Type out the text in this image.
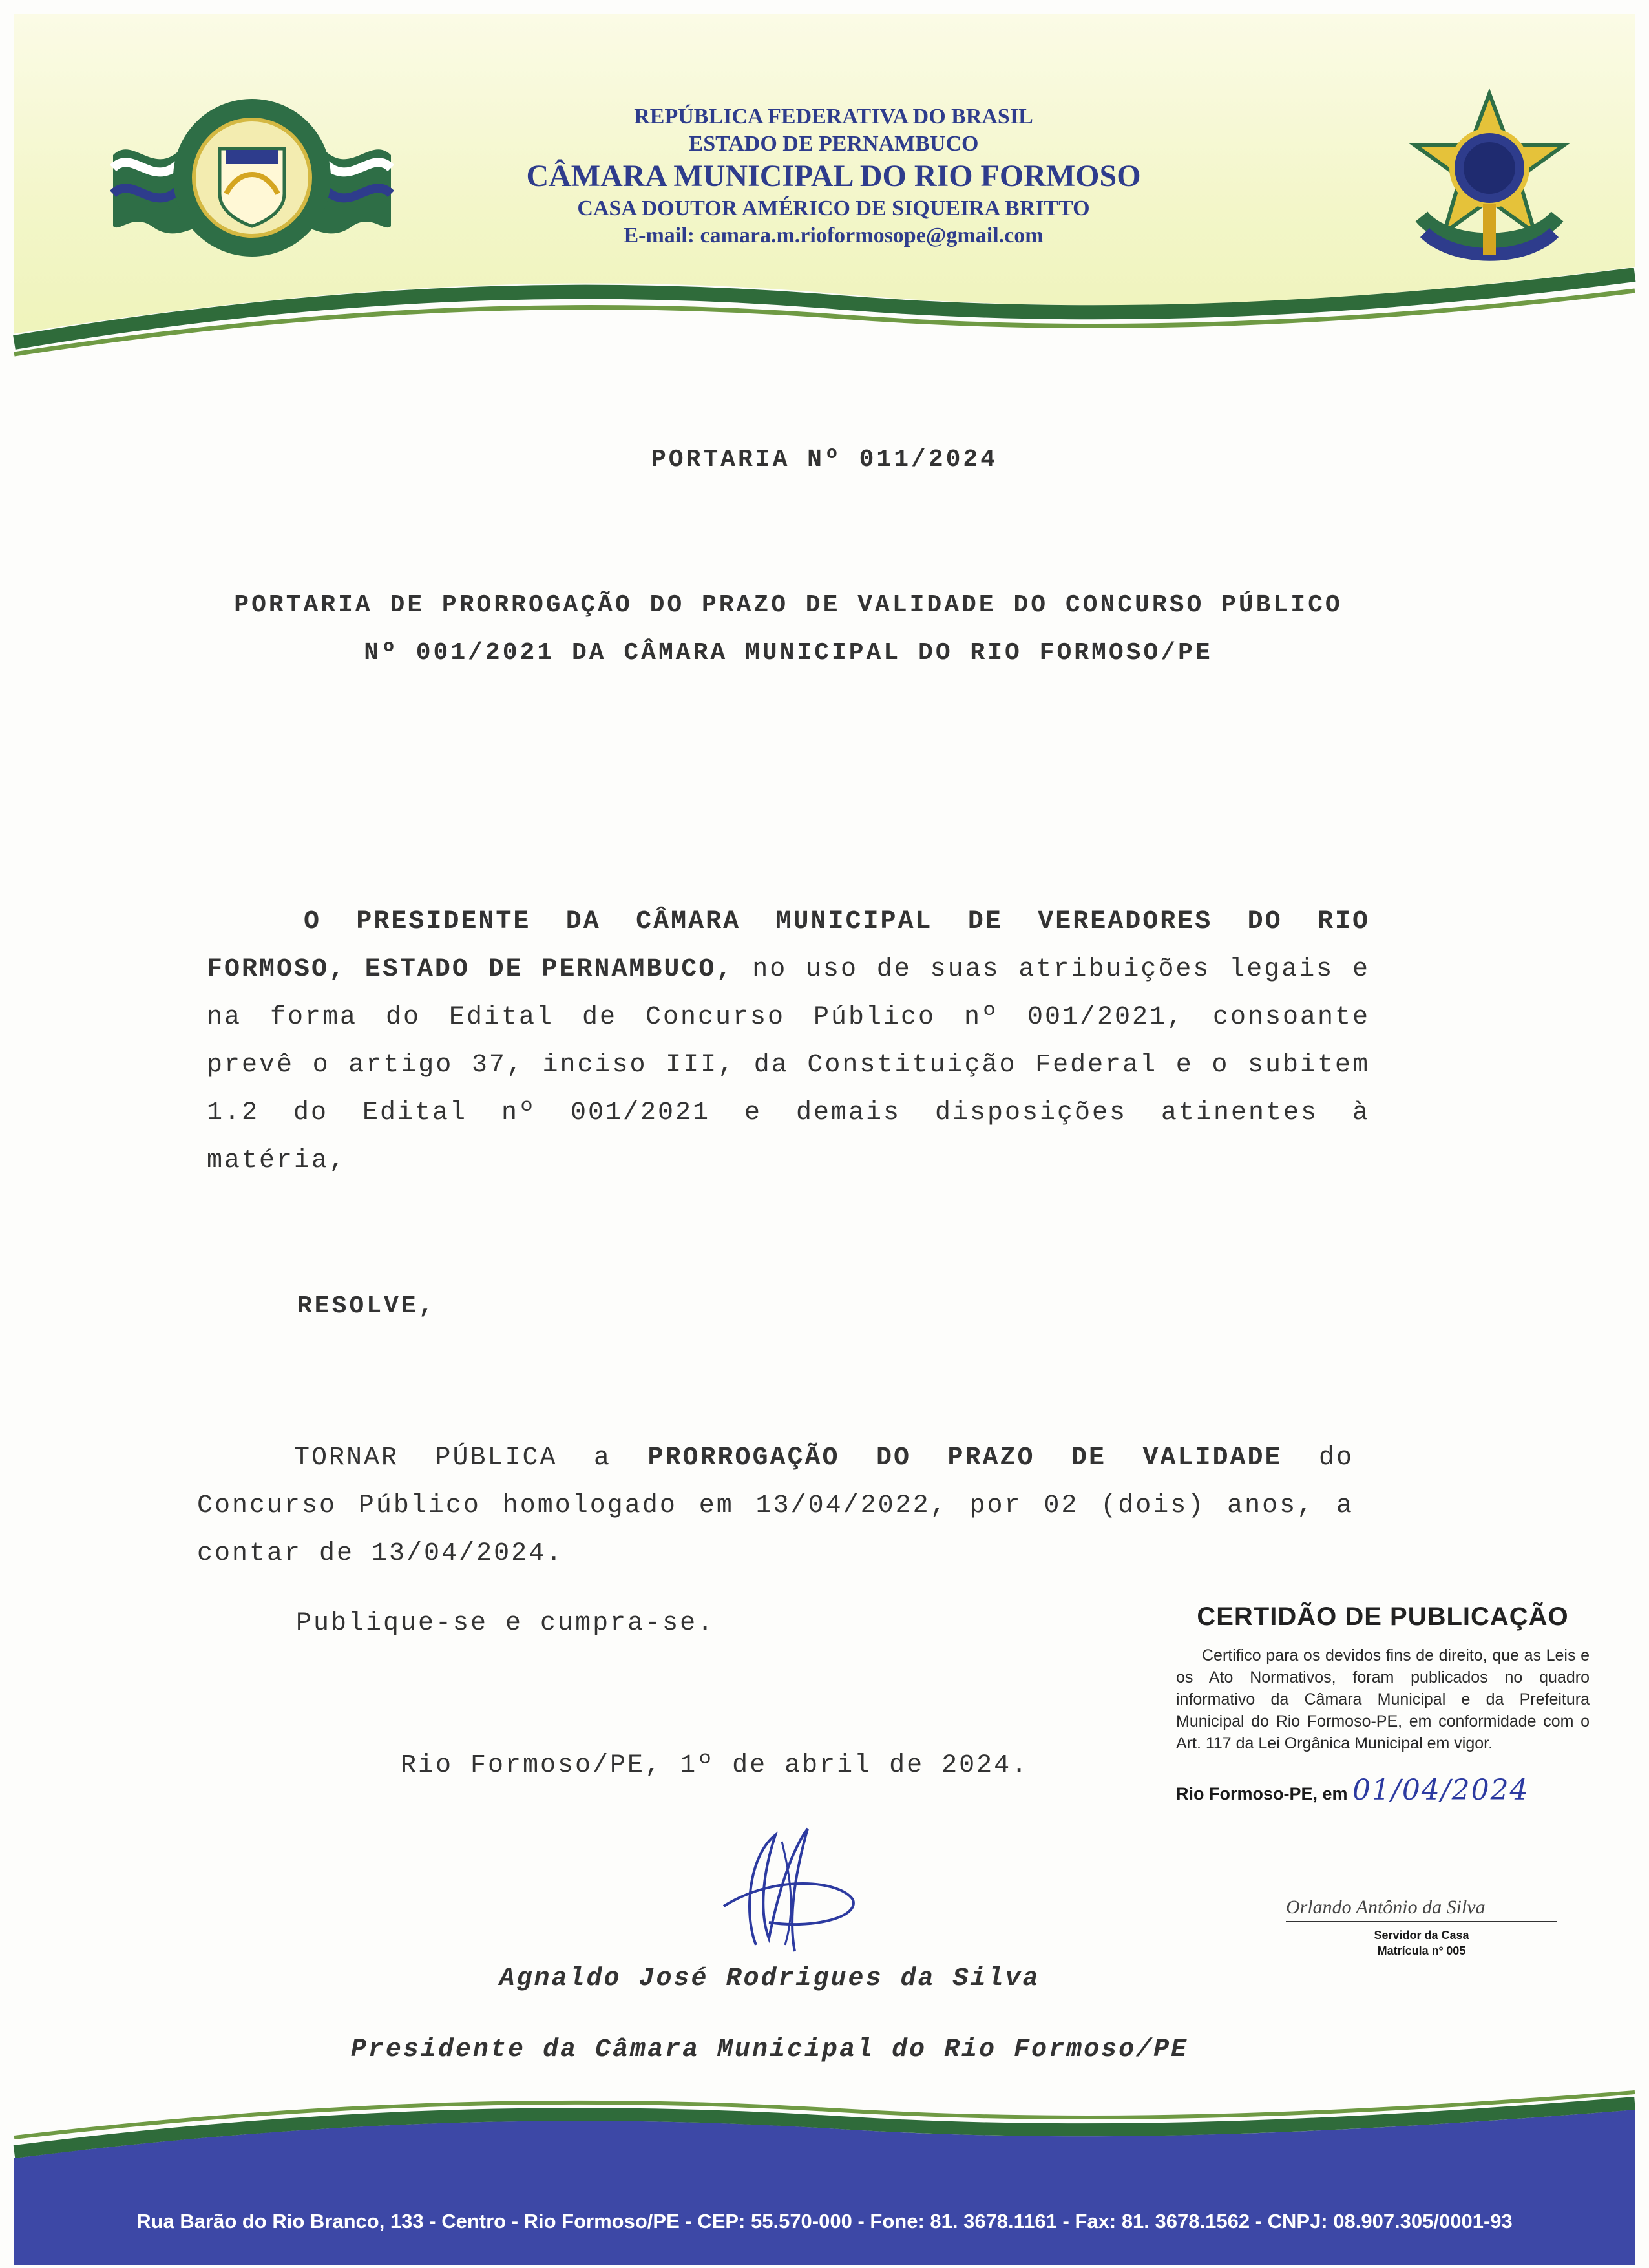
REPÚBLICA FEDERATIVA DO BRASIL
ESTADO DE PERNAMBUCO
CÂMARA MUNICIPAL DO RIO FORMOSO
CASA DOUTOR AMÉRICO DE SIQUEIRA BRITTO
E-mail: camara.m.rioformosope@gmail.com
PORTARIA Nº 011/2024
PORTARIA DE PRORROGAÇÃO DO PRAZO DE VALIDADE DO CONCURSO PÚBLICO Nº 001/2021 DA CÂMARA MUNICIPAL DO RIO FORMOSO/PE
O PRESIDENTE DA CÂMARA MUNICIPAL DE VEREADORES DO RIO FORMOSO, ESTADO DE PERNAMBUCO, no uso de suas atribuições legais e na forma do Edital de Concurso Público nº 001/2021, consoante prevê o artigo 37, inciso III, da Constituição Federal e o subitem 1.2 do Edital nº 001/2021 e demais disposições atinentes à matéria,
RESOLVE,
TORNAR PÚBLICA a PRORROGAÇÃO DO PRAZO DE VALIDADE do Concurso Público homologado em 13/04/2022, por 02 (dois) anos, a contar de 13/04/2024.
Publique-se e cumpra-se.
Rio Formoso/PE, 1º de abril de 2024.
Agnaldo José Rodrigues da Silva
Presidente da Câmara Municipal do Rio Formoso/PE
CERTIDÃO DE PUBLICAÇÃO
Certifico para os devidos fins de direito, que as Leis e os Ato Normativos, foram publicados no quadro informativo da Câmara Municipal e da Prefeitura Municipal do Rio Formoso-PE, em conformidade com o Art. 117 da Lei Orgânica Municipal em vigor.
Rio Formoso-PE, em 01/04/2024
Orlando Antônio da Silva
Servidor da Casa
Matrícula nº 005
Rua Barão do Rio Branco, 133 - Centro - Rio Formoso/PE - CEP: 55.570-000 - Fone: 81. 3678.1161 - Fax: 81. 3678.1562 - CNPJ: 08.907.305/0001-93
